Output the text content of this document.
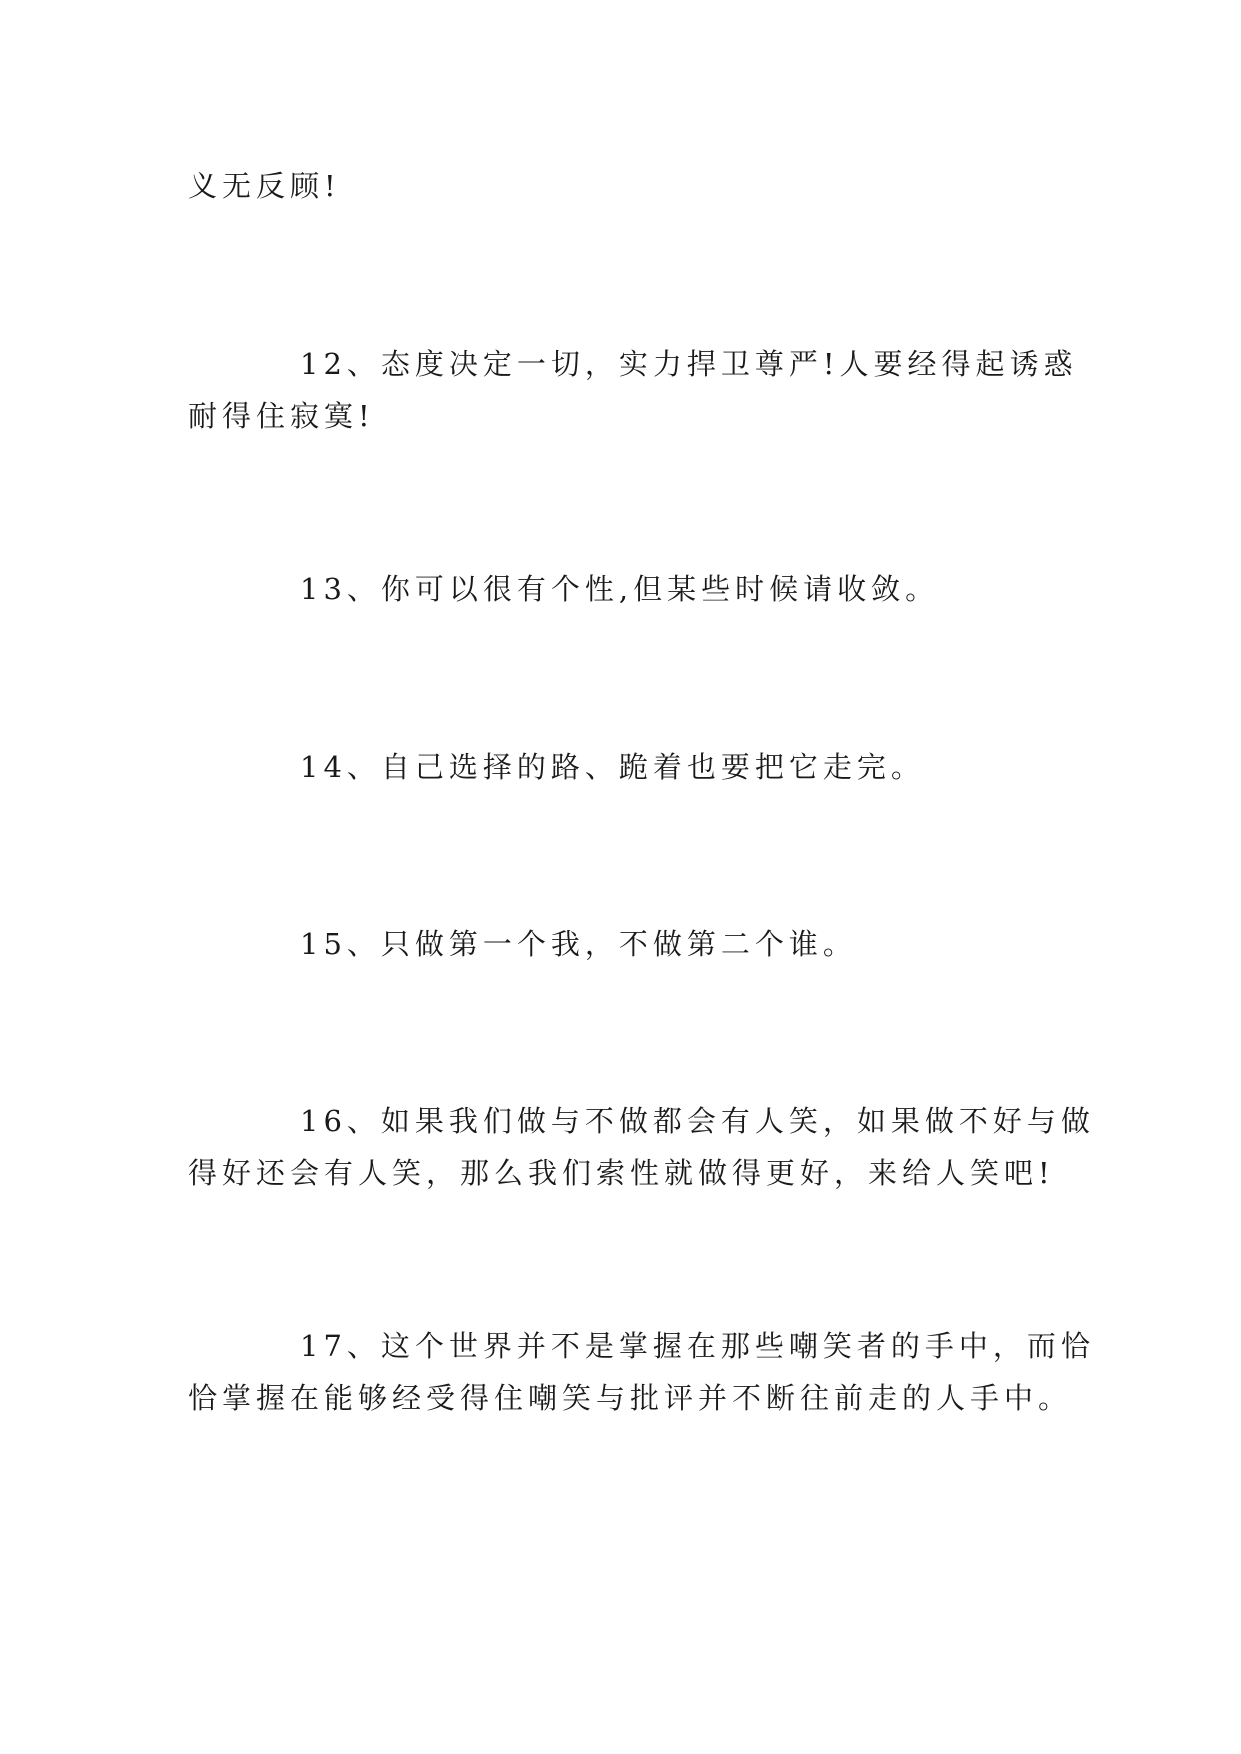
义无反顾!

12、态度决定一切，实力捍卫尊严!人要经得起诱惑
耐得住寂寞!

13、你可以很有个性,但某些时候请收敛。

14、自己选择的路、跪着也要把它走完。

15、只做第一个我，不做第二个谁。

16、如果我们做与不做都会有人笑，如果做不好与做
得好还会有人笑，那么我们索性就做得更好，来给人笑吧!

17、这个世界并不是掌握在那些嘲笑者的手中，而恰
恰掌握在能够经受得住嘲笑与批评并不断往前走的人手中。
